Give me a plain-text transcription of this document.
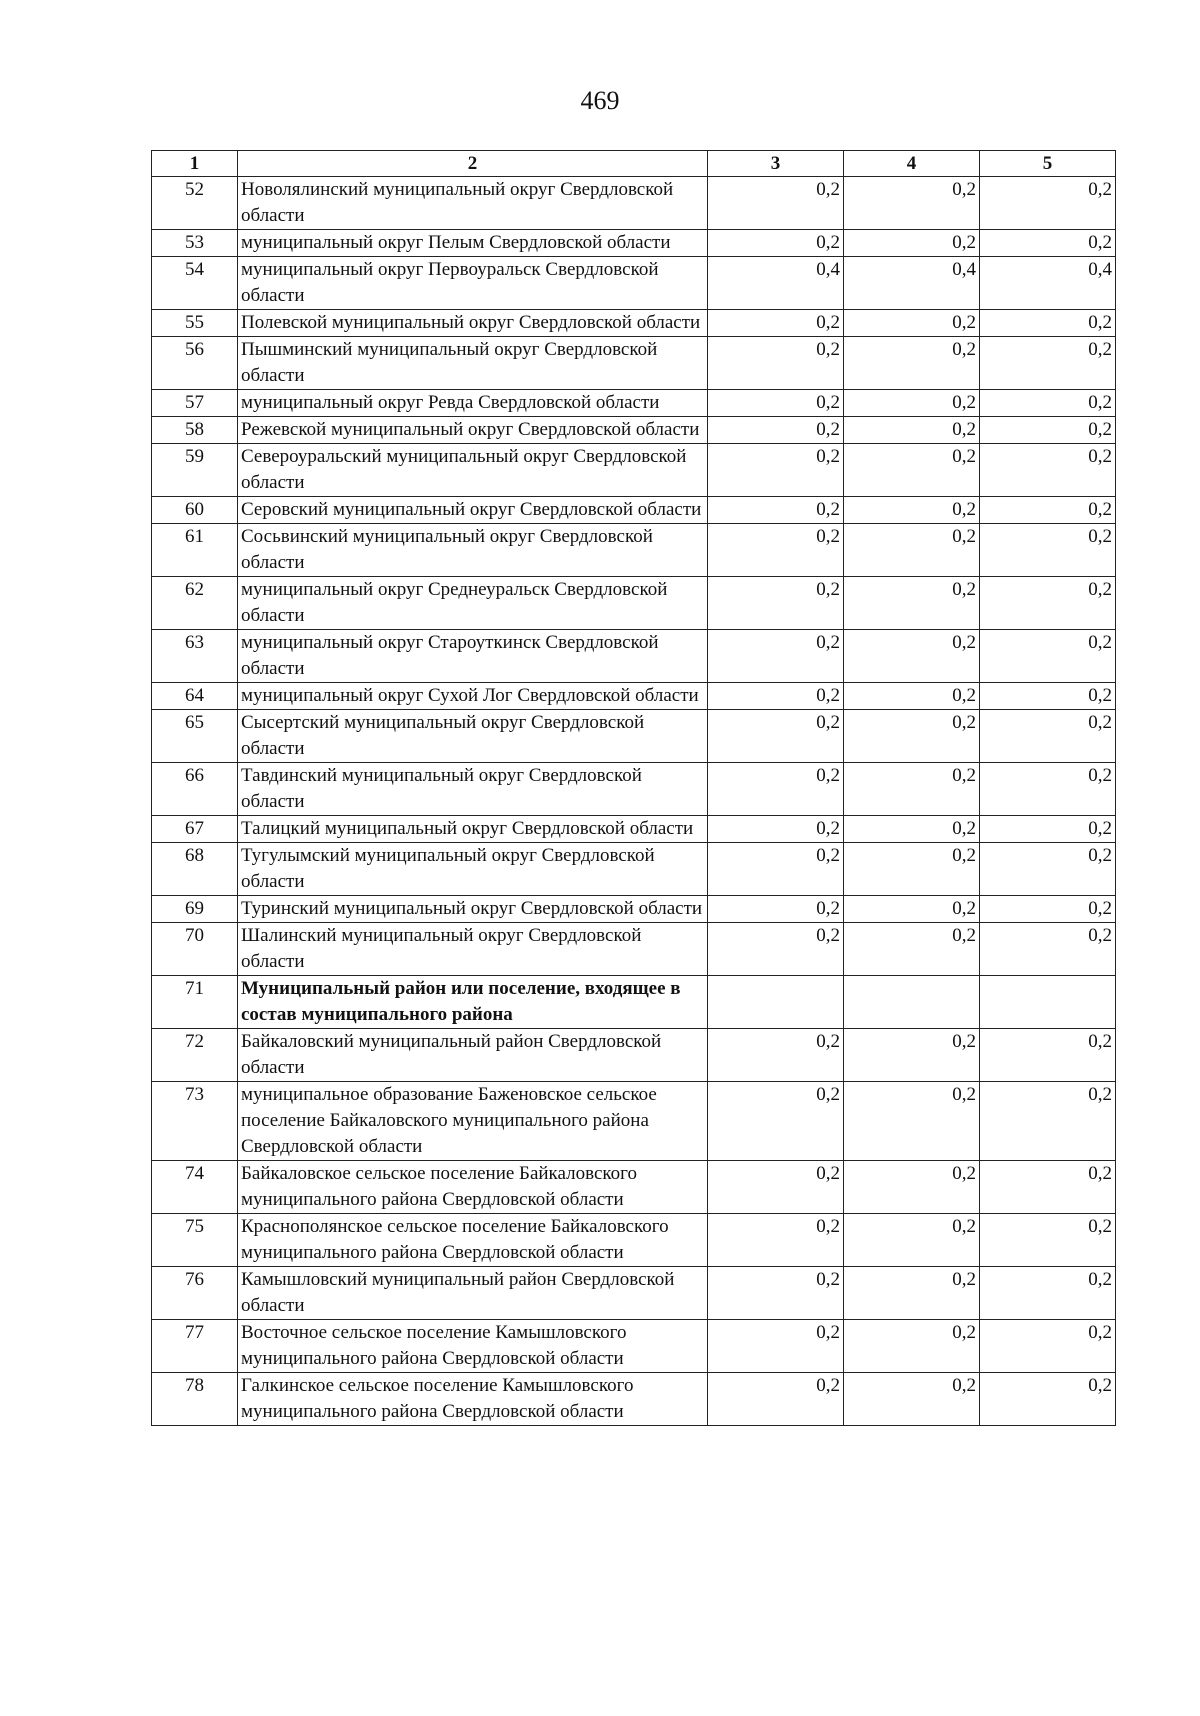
469
1	2	3	4	5
52	Новолялинский муниципальный округ Свердловской области	0,2	0,2	0,2
53	муниципальный округ Пелым Свердловской области	0,2	0,2	0,2
54	муниципальный округ Первоуральск Свердловской области	0,4	0,4	0,4
55	Полевской муниципальный округ Свердловской области	0,2	0,2	0,2
56	Пышминский муниципальный округ Свердловской области	0,2	0,2	0,2
57	муниципальный округ Ревда Свердловской области	0,2	0,2	0,2
58	Режевской муниципальный округ Свердловской области	0,2	0,2	0,2
59	Североуральский муниципальный округ Свердловской области	0,2	0,2	0,2
60	Серовский муниципальный округ Свердловской области	0,2	0,2	0,2
61	Сосьвинский муниципальный округ Свердловской области	0,2	0,2	0,2
62	муниципальный округ Среднеуральск Свердловской области	0,2	0,2	0,2
63	муниципальный округ Староуткинск Свердловской области	0,2	0,2	0,2
64	муниципальный округ Сухой Лог Свердловской области	0,2	0,2	0,2
65	Сысертский муниципальный округ Свердловской области	0,2	0,2	0,2
66	Тавдинский муниципальный округ Свердловской области	0,2	0,2	0,2
67	Талицкий муниципальный округ Свердловской области	0,2	0,2	0,2
68	Тугулымский муниципальный округ Свердловской области	0,2	0,2	0,2
69	Туринский муниципальный округ Свердловской области	0,2	0,2	0,2
70	Шалинский муниципальный округ Свердловской области	0,2	0,2	0,2
71	Муниципальный район или поселение, входящее в состав муниципального района			
72	Байкаловский муниципальный район Свердловской области	0,2	0,2	0,2
73	муниципальное образование Баженовское сельское поселение Байкаловского муниципального района Свердловской области	0,2	0,2	0,2
74	Байкаловское сельское поселение Байкаловского муниципального района Свердловской области	0,2	0,2	0,2
75	Краснополянское сельское поселение Байкаловского муниципального района Свердловской области	0,2	0,2	0,2
76	Камышловский муниципальный район Свердловской области	0,2	0,2	0,2
77	Восточное сельское поселение Камышловского муниципального района Свердловской области	0,2	0,2	0,2
78	Галкинское сельское поселение Камышловского муниципального района Свердловской области	0,2	0,2	0,2
